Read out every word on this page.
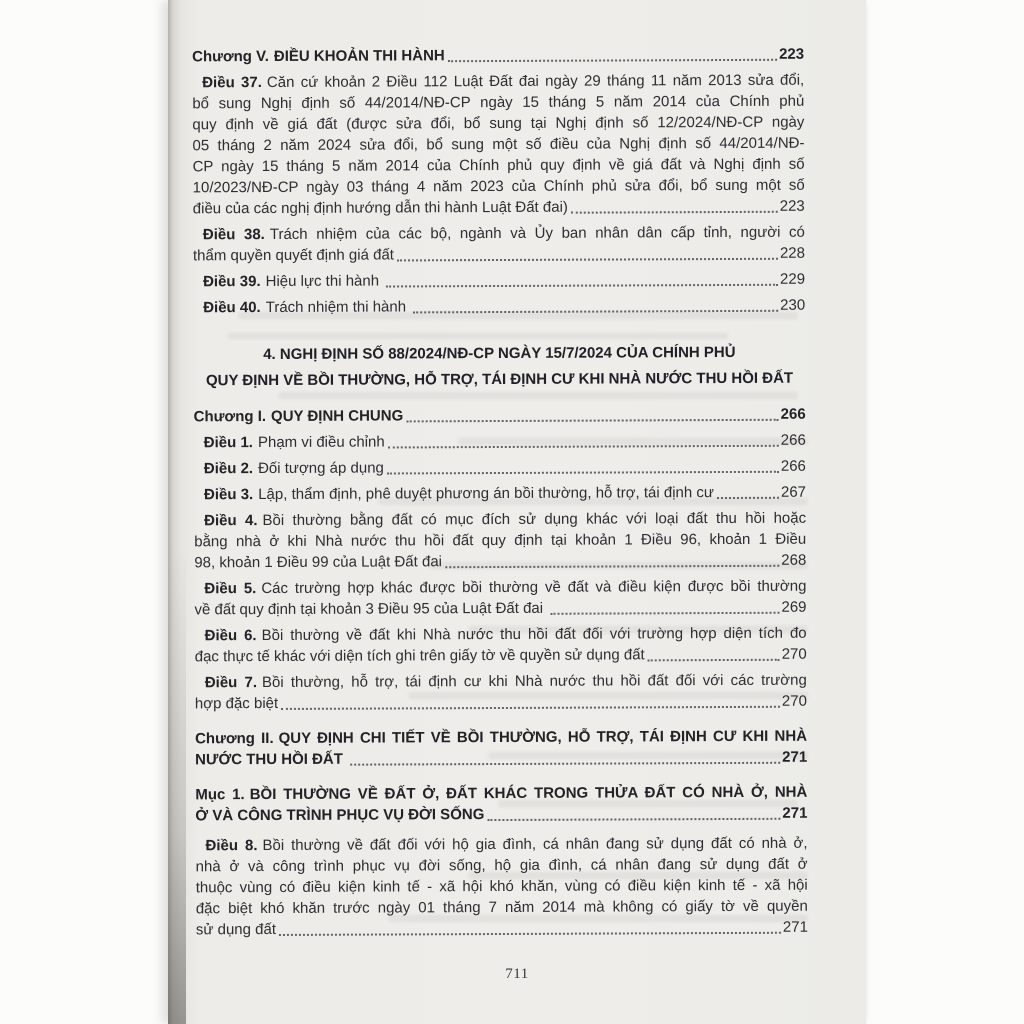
Chương V. ĐIỀU KHOẢN THI HÀNH	223
Điều 37. Căn cứ khoản 2 Điều 112 Luật Đất đai ngày 29 tháng 11 năm 2013 sửa đổi,
bổ sung Nghị định số 44/2014/NĐ-CP ngày 15 tháng 5 năm 2014 của Chính phủ
quy định về giá đất (được sửa đổi, bổ sung tại Nghị định số 12/2024/NĐ-CP ngày
05 tháng 2 năm 2024 sửa đổi, bổ sung một số điều của Nghị định số 44/2014/NĐ-
CP ngày 15 tháng 5 năm 2014 của Chính phủ quy định về giá đất và Nghị định số
10/2023/NĐ-CP ngày 03 tháng 4 năm 2023 của Chính phủ sửa đổi, bổ sung một số
điều của các nghị định hướng dẫn thi hành Luật Đất đai)	223
Điều 38. Trách nhiệm của các bộ, ngành và Ủy ban nhân dân cấp tỉnh, người có
thẩm quyền quyết định giá đất	228
Điều 39. Hiệu lực thi hành	229
Điều 40. Trách nhiệm thi hành	230
4. NGHỊ ĐỊNH SỐ 88/2024/NĐ-CP NGÀY 15/7/2024 CỦA CHÍNH PHỦ
QUY ĐỊNH VỀ BỒI THƯỜNG, HỖ TRỢ, TÁI ĐỊNH CƯ KHI NHÀ NƯỚC THU HỒI ĐẤT
Chương I. QUY ĐỊNH CHUNG	266
Điều 1. Phạm vi điều chỉnh	266
Điều 2. Đối tượng áp dụng	266
Điều 3. Lập, thẩm định, phê duyệt phương án bồi thường, hỗ trợ, tái định cư	267
Điều 4. Bồi thường bằng đất có mục đích sử dụng khác với loại đất thu hồi hoặc
bằng nhà ở khi Nhà nước thu hồi đất quy định tại khoản 1 Điều 96, khoản 1 Điều
98, khoản 1 Điều 99 của Luật Đất đai	268
Điều 5. Các trường hợp khác được bồi thường về đất và điều kiện được bồi thường
về đất quy định tại khoản 3 Điều 95 của Luật Đất đai	269
Điều 6. Bồi thường về đất khi Nhà nước thu hồi đất đối với trường hợp diện tích đo
đạc thực tế khác với diện tích ghi trên giấy tờ về quyền sử dụng đất	270
Điều 7. Bồi thường, hỗ trợ, tái định cư khi Nhà nước thu hồi đất đối với các trường
hợp đặc biệt	270
Chương II. QUY ĐỊNH CHI TIẾT VỀ BỒI THƯỜNG, HỖ TRỢ, TÁI ĐỊNH CƯ KHI NHÀ
NƯỚC THU HỒI ĐẤT	271
Mục 1. BỒI THƯỜNG VỀ ĐẤT Ở, ĐẤT KHÁC TRONG THỬA ĐẤT CÓ NHÀ Ở, NHÀ
Ở VÀ CÔNG TRÌNH PHỤC VỤ ĐỜI SỐNG	271
Điều 8. Bồi thường về đất đối với hộ gia đình, cá nhân đang sử dụng đất có nhà ở,
nhà ở và công trình phục vụ đời sống, hộ gia đình, cá nhân đang sử dụng đất ở
thuộc vùng có điều kiện kinh tế - xã hội khó khăn, vùng có điều kiện kinh tế - xã hội
đặc biệt khó khăn trước ngày 01 tháng 7 năm 2014 mà không có giấy tờ về quyền
sử dụng đất	271
711
